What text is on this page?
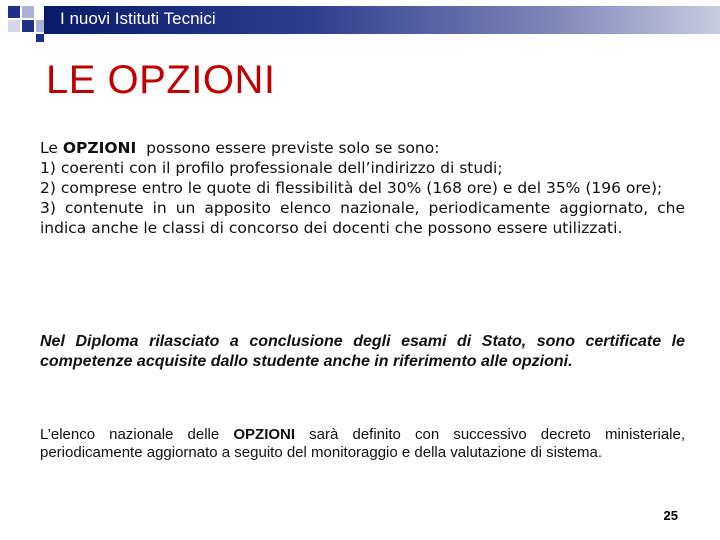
I nuovi Istituti Tecnici
LE OPZIONI

Le OPZIONI  possono essere previste solo se sono:

1) coerenti con il profilo professionale dell’indirizzo di studi;

2) comprese entro le quote di flessibilità del 30% (168 ore) e del 35% (196 ore);

3) contenute in un apposito elenco nazionale, periodicamente aggiornato, che indica anche le classi di concorso dei docenti che possono essere utilizzati.

Nel Diploma rilasciato a conclusione degli esami di Stato, sono certificate le competenze acquisite dallo studente anche in riferimento alle opzioni.
L’elenco nazionale delle OPZIONI sarà definito con successivo decreto ministeriale, periodicamente aggiornato a seguito del monitoraggio e della valutazione di sistema.
25
